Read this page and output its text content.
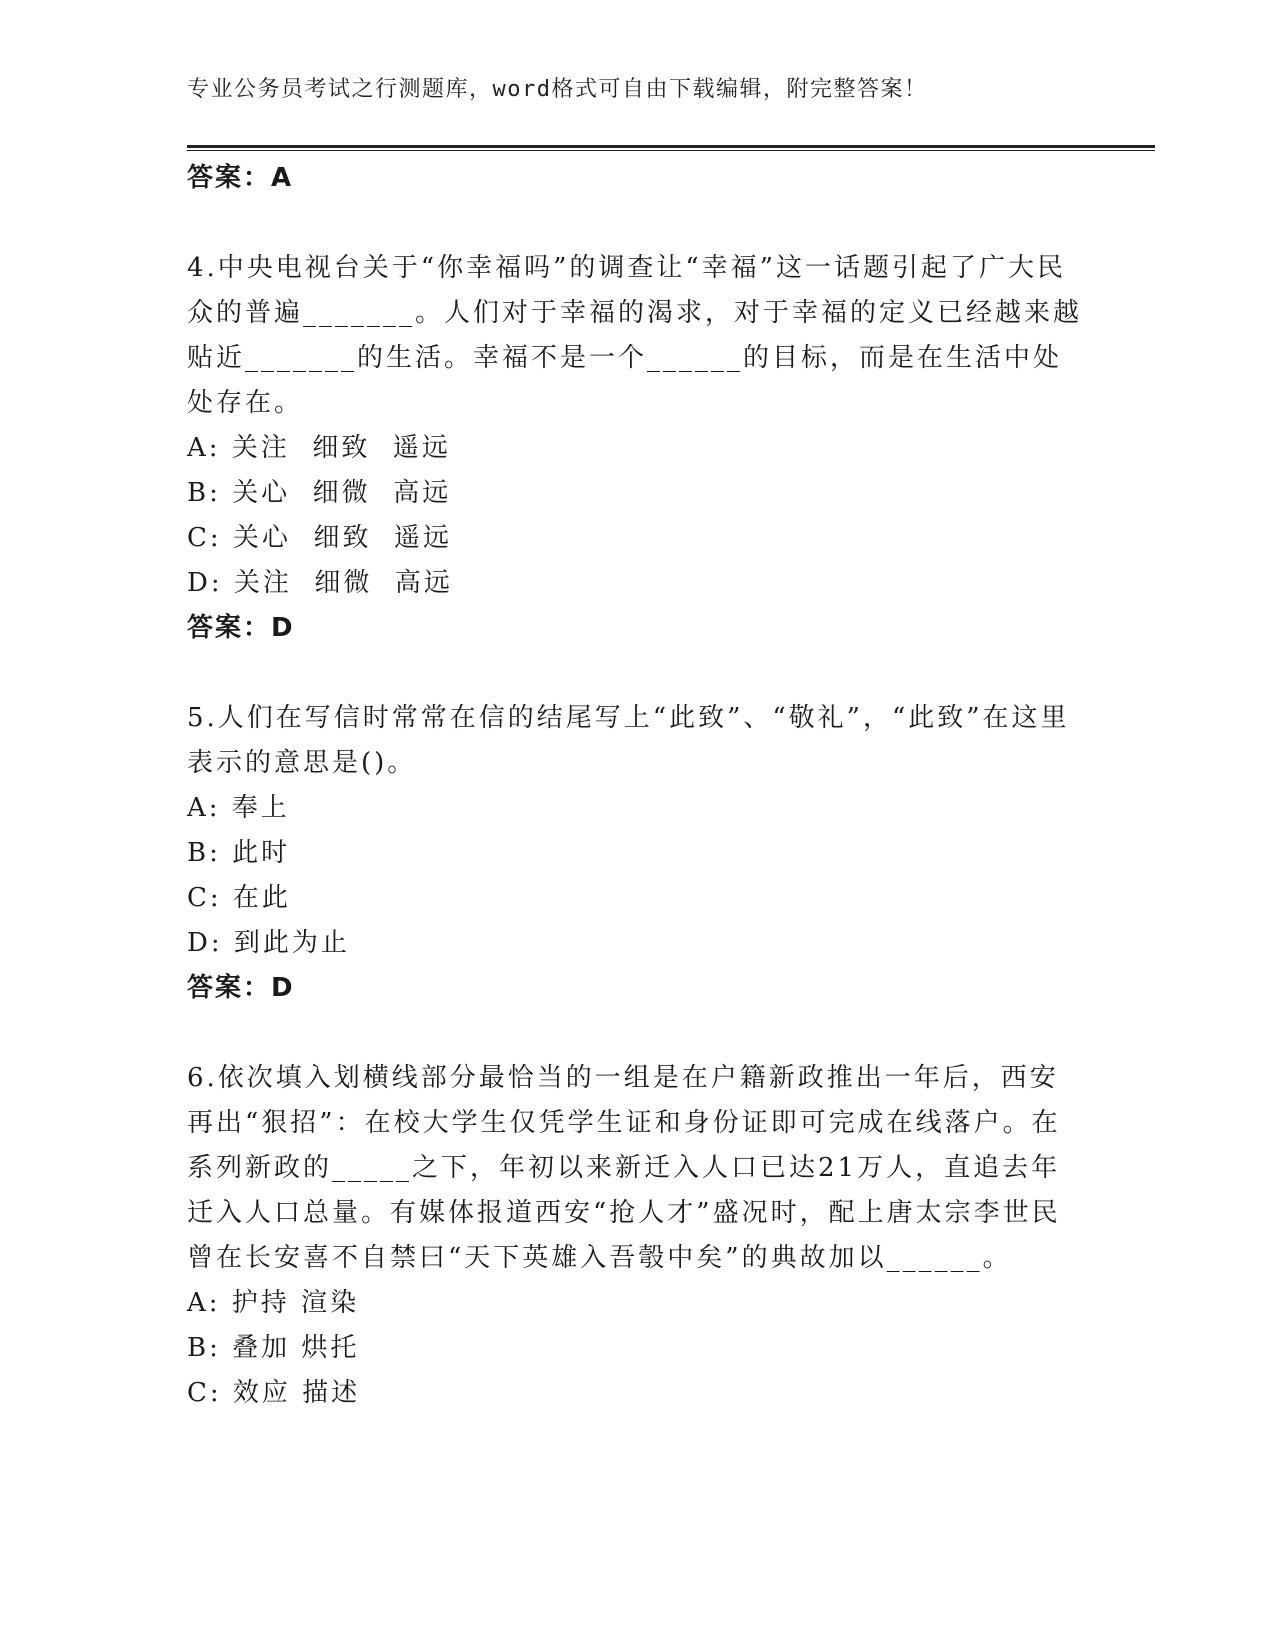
专业公务员考试之行测题库，word格式可自由下载编辑，附完整答案！
答案：A
4.中央电视台关于“你幸福吗”的调查让“幸福”这一话题引起了广大民众的普遍_______。人们对于幸福的渴求，对于幸福的定义已经越来越贴近_______的生活。幸福不是一个______的目标，而是在生活中处处存在。
A: 关注  细致  遥远
B: 关心  细微  高远
C: 关心  细致  遥远
D: 关注  细微  高远
答案：D
5.人们在写信时常常在信的结尾写上“此致”、“敬礼”，“此致”在这里表示的意思是()。
A: 奉上
B: 此时
C: 在此
D: 到此为止
答案：D
6.依次填入划横线部分最恰当的一组是在户籍新政推出一年后，西安再出“狠招”：在校大学生仅凭学生证和身份证即可完成在线落户。在系列新政的_____之下，年初以来新迁入人口已达21万人，直追去年迁入人口总量。有媒体报道西安“抢人才”盛况时，配上唐太宗李世民曾在长安喜不自禁曰“天下英雄入吾彀中矣”的典故加以______。
A: 护持 渲染
B: 叠加 烘托
C: 效应 描述
